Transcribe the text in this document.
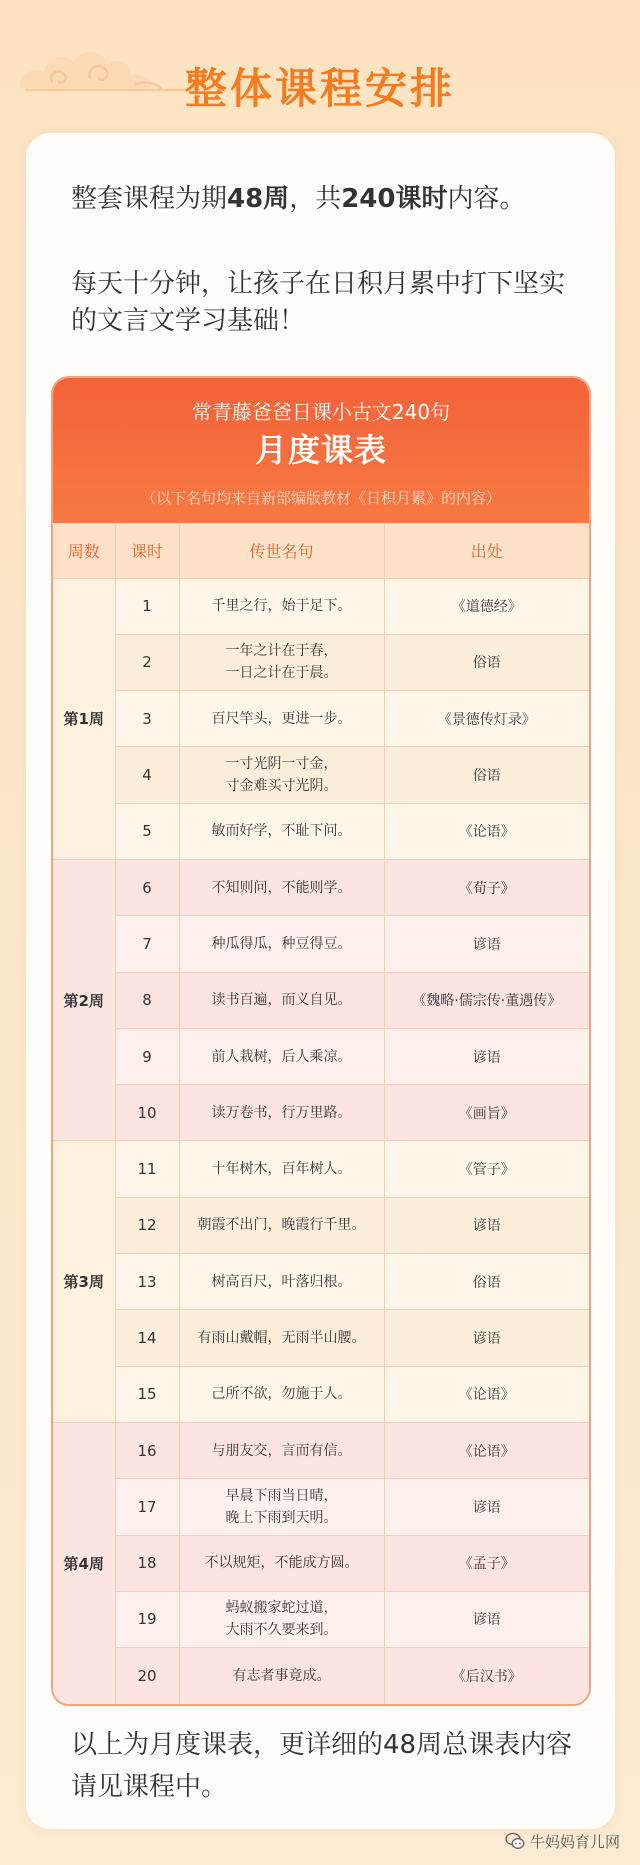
整体课程安排
整套课程为期48周，共240课时内容。
每天十分钟，让孩子在日积月累中打下坚实
的文言文学习基础！
常青藤爸爸日课小古文240句
月度课表
（以下名句均来自新部编版教材《日积月累》的内容）
周数	课时	传世名句	出处
第1周	1	千里之行，始于足下。	《道德经》
	2	一年之计在于春，
一日之计在于晨。	俗语
	3	百尺竿头，更进一步。	《景德传灯录》
	4	一寸光阴一寸金，
寸金难买寸光阴。	俗语
	5	敏而好学，不耻下问。	《论语》
第2周	6	不知则问，不能则学。	《荀子》
	7	种瓜得瓜，种豆得豆。	谚语
	8	读书百遍，而义自见。	《魏略·儒宗传·董遇传》
	9	前人栽树，后人乘凉。	谚语
	10	读万卷书，行万里路。	《画旨》
第3周	11	十年树木，百年树人。	《管子》
	12	朝霞不出门，晚霞行千里。	谚语
	13	树高百尺，叶落归根。	俗语
	14	有雨山戴帽，无雨半山腰。	谚语
	15	己所不欲，勿施于人。	《论语》
第4周	16	与朋友交，言而有信。	《论语》
	17	早晨下雨当日晴，
晚上下雨到天明。	谚语
	18	不以规矩，不能成方圆。	《孟子》
	19	蚂蚁搬家蛇过道，
大雨不久要来到。	谚语
	20	有志者事竟成。	《后汉书》
以上为月度课表，更详细的48周总课表内容
请见课程中。
牛妈妈育儿网
